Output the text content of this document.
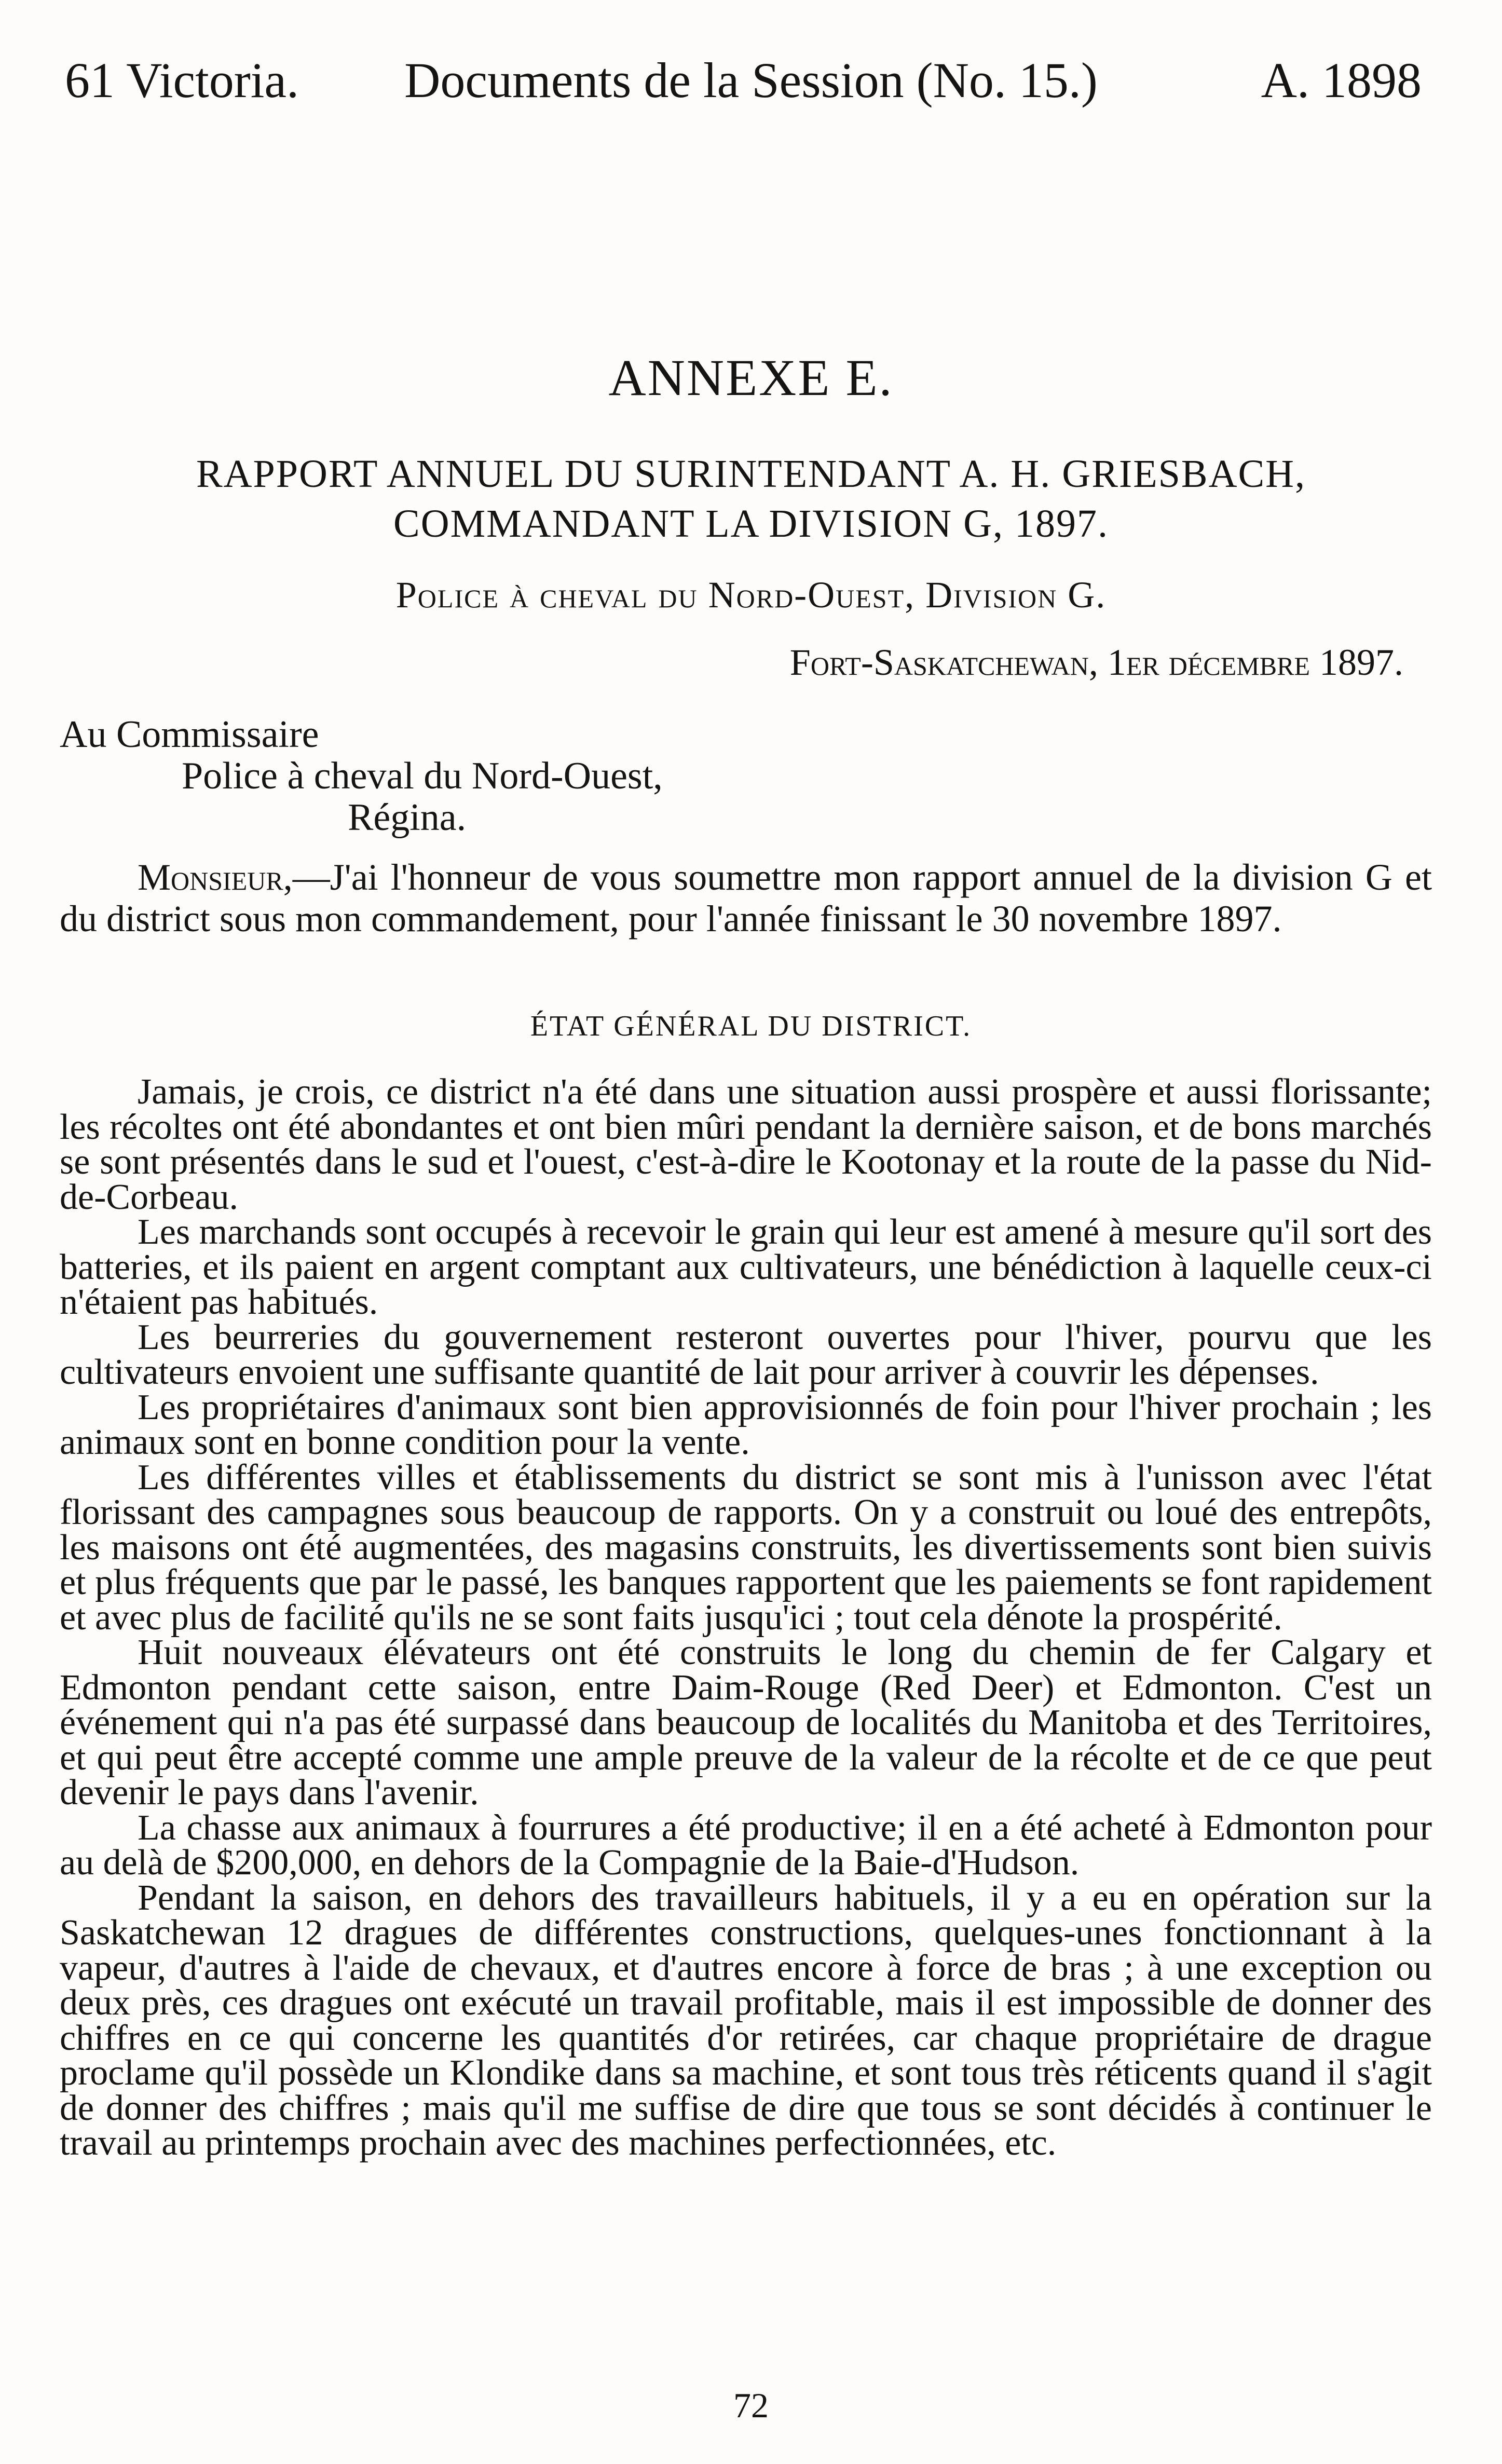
61 Victoria.	Documents de la Session (No. 15.)	A. 1898
ANNEXE E.
RAPPORT ANNUEL DU SURINTENDANT A. H. GRIESBACH, COMMANDANT LA DIVISION G, 1897.
Police à cheval du Nord-Ouest, Division G.
Fort-Saskatchewan, 1er décembre 1897.
Au Commissaire
Police à cheval du Nord-Ouest,
Régina.
Monsieur,—J'ai l'honneur de vous soumettre mon rapport annuel de la division G et du district sous mon commandement, pour l'année finissant le 30 novembre 1897.
ÉTAT GÉNÉRAL DU DISTRICT.

Jamais, je crois, ce district n'a été dans une situation aussi prospère et aussi florissante; les récoltes ont été abondantes et ont bien mûri pendant la dernière saison, et de bons marchés se sont présentés dans le sud et l'ouest, c'est-à-dire le Kootonay et la route de la passe du Nid-de-Corbeau.

Les marchands sont occupés à recevoir le grain qui leur est amené à mesure qu'il sort des batteries, et ils paient en argent comptant aux cultivateurs, une bénédiction à laquelle ceux-ci n'étaient pas habitués.

Les beurreries du gouvernement resteront ouvertes pour l'hiver, pourvu que les cultivateurs envoient une suffisante quantité de lait pour arriver à couvrir les dépenses.

Les propriétaires d'animaux sont bien approvisionnés de foin pour l'hiver prochain ; les animaux sont en bonne condition pour la vente.

Les différentes villes et établissements du district se sont mis à l'unisson avec l'état florissant des campagnes sous beaucoup de rapports. On y a construit ou loué des entrepôts, les maisons ont été augmentées, des magasins construits, les divertissements sont bien suivis et plus fréquents que par le passé, les banques rapportent que les paiements se font rapidement et avec plus de facilité qu'ils ne se sont faits jusqu'ici ; tout cela dénote la prospérité.

Huit nouveaux élévateurs ont été construits le long du chemin de fer Calgary et Edmonton pendant cette saison, entre Daim-Rouge (Red Deer) et Edmonton. C'est un événement qui n'a pas été surpassé dans beaucoup de localités du Manitoba et des Territoires, et qui peut être accepté comme une ample preuve de la valeur de la récolte et de ce que peut devenir le pays dans l'avenir.

La chasse aux animaux à fourrures a été productive; il en a été acheté à Edmonton pour au delà de $200,000, en dehors de la Compagnie de la Baie-d'Hudson.

Pendant la saison, en dehors des travailleurs habituels, il y a eu en opération sur la Saskatchewan 12 dragues de différentes constructions, quelques-unes fonctionnant à la vapeur, d'autres à l'aide de chevaux, et d'autres encore à force de bras ; à une exception ou deux près, ces dragues ont exécuté un travail profitable, mais il est impossible de donner des chiffres en ce qui concerne les quantités d'or retirées, car chaque propriétaire de drague proclame qu'il possède un Klondike dans sa machine, et sont tous très réticents quand il s'agit de donner des chiffres ; mais qu'il me suffise de dire que tous se sont décidés à continuer le travail au printemps prochain avec des machines perfectionnées, etc.

72
